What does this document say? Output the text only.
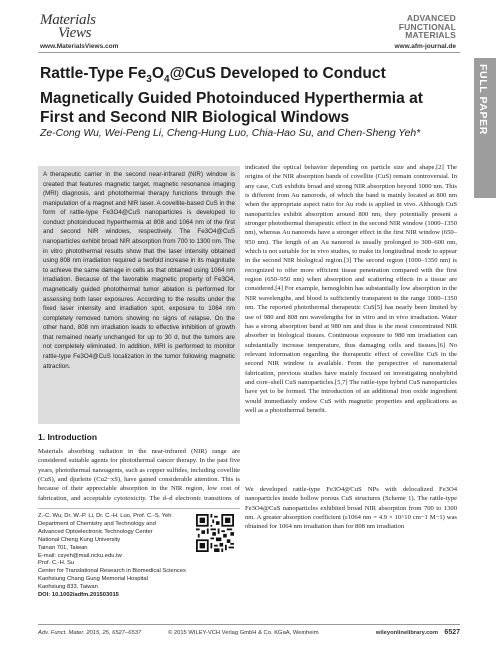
Materials
Views
www.MaterialsViews.com
ADVANCED
FUNCTIONAL
MATERIALS
www.afm-journal.de
FULL PAPER
Rattle-Type $Fe_3O_4@CuS$ Developed to Conduct Magnetically Guided Photoinduced Hyperthermia at First and Second NIR Biological Windows
Ze-Cong Wu, Wei-Peng Li, Cheng-Hung Luo, Chia-Hao Su, and Chen-Sheng Yeh*
A therapeutic carrier in the second near-infrared (NIR) window is created that features magnetic target, magnetic resonance imaging (MRI) diagnosis, and photothermal therapy functions through the manipulation of a magnet and NIR laser. A covellite-based CuS in the form of rattle-type Fe3O4@CuS nanoparticles is developed to conduct photoinduced hyperthermia at 808 and 1064 nm of the first and second NIR windows, respectively. The Fe3O4@CuS nanoparticles exhibit broad NIR absorption from 700 to 1300 nm. The in vitro photothermal results show that the laser intensity obtained using 808 nm irradiation required a twofold increase in its magnitude to achieve the same damage in cells as that obtained using 1064 nm irradiation. Because of the favorable magnetic property of Fe3O4, magnetically guided photothermal tumor ablation is performed for assessing both laser exposures. According to the results under the fixed laser intensity and irradiation spot, exposure to 1064 nm completely removed tumors showing no signs of relapse. On the other hand, 808 nm irradiation leads to effective inhibition of growth that remained nearly unchanged for up to 30 d, but the tumors are not completely eliminated. In addition, MRI is performed to monitor rattle-type Fe3O4@CuS localization in the tumor following magnetic attraction.
indicated the optical behavior depending on particle size and shape.[2] The origins of the NIR absorption bands of covellite (CuS) remain controversial. In any case, CuS exhibits broad and strong NIR absorption beyond 1000 nm. This is different from Au nanorods, of which the band is mainly located at 800 nm when the appropriate aspect ratio for Au rods is applied in vivo. Although CuS nanoparticles exhibit absorption around 800 nm, they potentially present a stronger photothermal therapeutic effect in the second NIR window (1000–1350 nm), whereas Au nanorods have a stronger effect in the first NIR window (650–950 nm). The length of an Au nanorod is usually prolonged to 300–600 nm, which is not suitable for in vivo studies, to make its longitudinal mode to appear in the second NIR biological region.[3] The second region (1000–1350 nm) is recognized to offer more efficient tissue penetration compared with the first region (650–950 nm) when absorption and scattering effects in a tissue are considered.[4] For example, hemoglobin has substantially low absorption in the NIR wavelengths, and blood is sufficiently transparent in the range 1000–1350 nm. The reported photothermal therapeutic CuS[5] has nearly been limited by use of 980 and 808 nm wavelengths for in vitro and in vivo irradiation. Water has a strong absorption band at 980 nm and thus is the most concentrated NIR absorber in biological tissues. Continuous exposure to 980 nm irradiation can substantially increase temperature, thus damaging cells and tissues.[6] No relevant information regarding the therapeutic effect of covellite CuS in the second NIR window is available. From the perspective of nanomaterial fabrication, previous studies have mainly focused on investigating nonhybrid and core–shell CuS nanoparticles.[5,7] The rattle-type hybrid CuS nanoparticles have yet to be formed. The introduction of an additional iron oxide ingredient would immediately endow CuS with magnetic properties and applications as well as a photothermal benefit.
1. Introduction
Materials absorbing radiation in the near-infrared (NIR) range are considered suitable agents for photothermal cancer therapy. In the past five years, photothermal nanoagents, such as copper sulfides, including covellite (CuS), and djurleite (Cu2−xS), have gained considerable attention. This is because of their appreciable absorption in the NIR region, low cost of fabrication, and acceptable cytotoxicity. The d–d electronic transitions of
Z.-C. Wu, Dr. W.-P. Li, Dr. C.-H. Luo, Prof. C.-S. Yeh
Department of Chemistry and Technology and
Advanced Optoelectronic Technology Center
National Cheng Kung University
Tainan 701, Taiwan
E-mail: csyeh@mail.ncku.edu.tw
Prof. C.-H. Su
Center for Translational Research in Biomedical Sciences
Kaohsiung Chang Gung Memorial Hospital
Kaohsiung 833, Taiwan
DOI: 10.1002/adfm.201503015
We developed rattle-type Fe3O4@CuS NPs with delocalized Fe3O4 nanoparticles inside hollow porous CuS structures (Scheme 1). The rattle-type Fe3O4@CuS nanoparticles exhibited broad NIR absorption from 700 to 1300 nm. A greater absorption coefficient (ε1064 nm = 4.9 × 10^10 cm−1 M−1) was obtained for 1064 nm irradiation than for 808 nm irradiation
Adv. Funct. Mater. 2015, 25, 6527–6537	© 2015 WILEY-VCH Verlag GmbH & Co. KGaA, Weinheim	wileyonlinelibrary.com 6527
